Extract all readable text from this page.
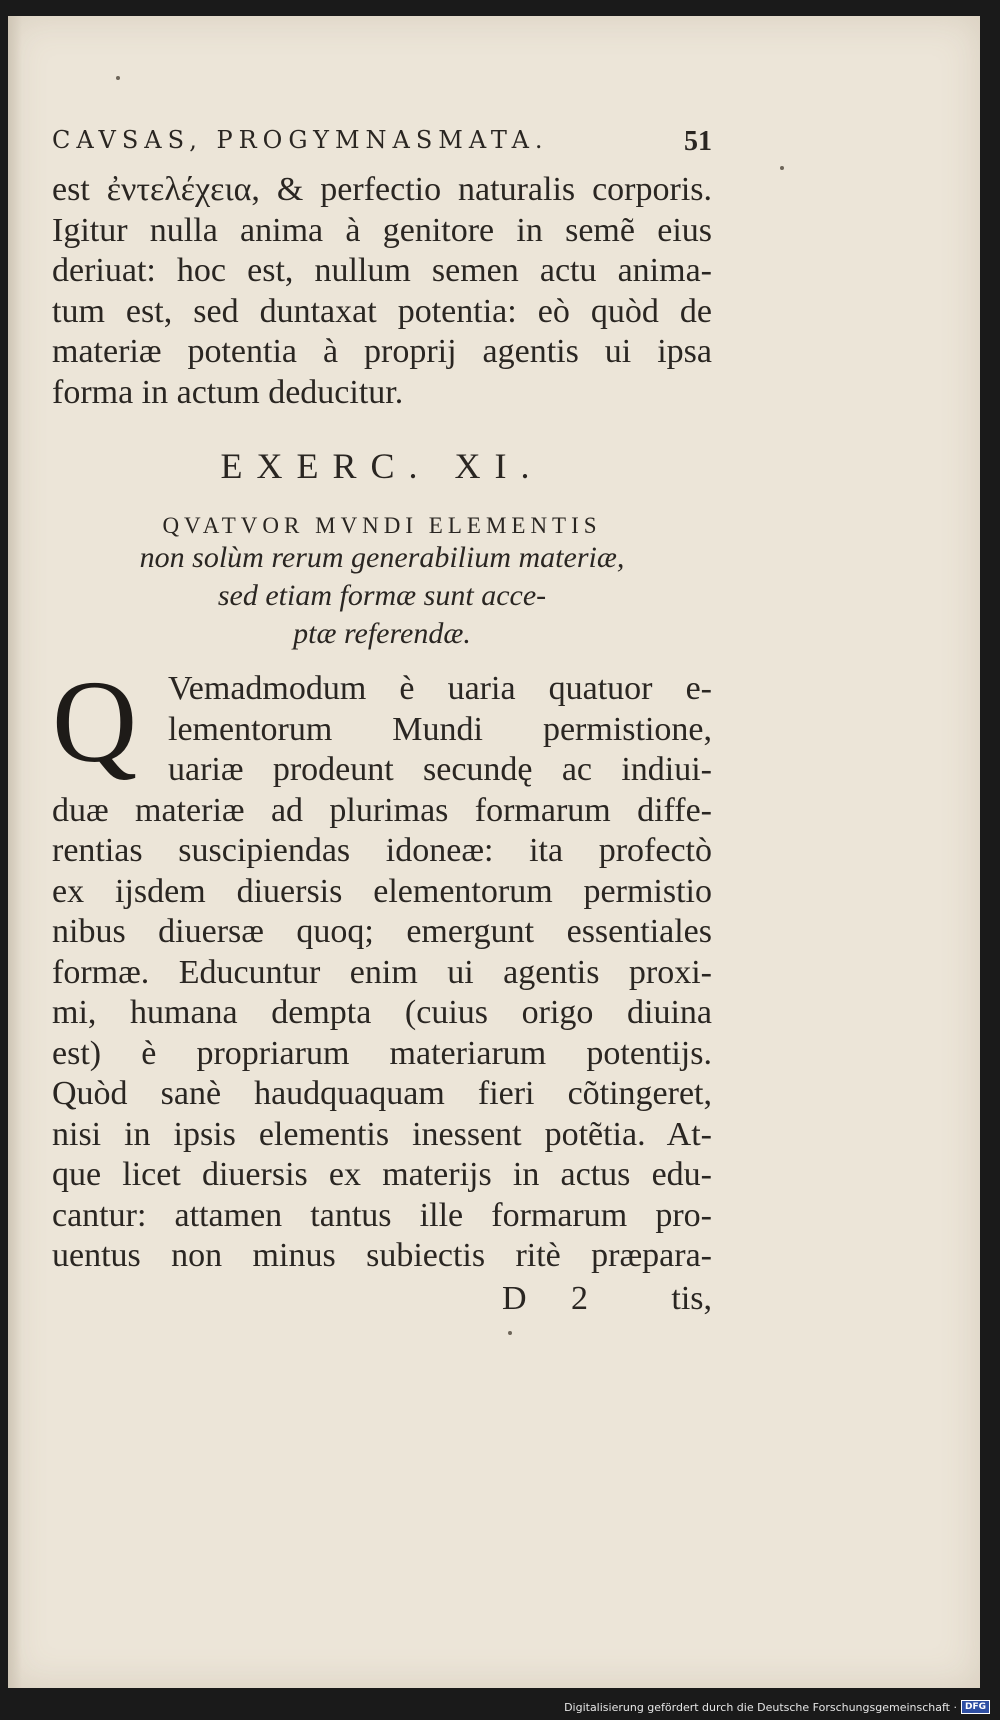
CAVSAS, PROGYMNASMATA.	51
est ἐντελέχεια, & perfectio naturalis corporis.
Igitur nulla anima à genitore in semẽ eius
deriuat: hoc est, nullum semen actu anima-
tum est, sed duntaxat potentia: eò quòd de
materiæ potentia à proprij agentis ui ipsa
forma in actum deducitur.
EXERC. XI.
QVATVOR MVNDI ELEMENTIS
non solùm rerum generabilium materiæ,
sed etiam formæ sunt acce-
ptæ referendæ.
Q Vemadmodum è uaria quatuor e-
lementorum Mundi permistione,
uariæ prodeunt secundę ac indiui-
duæ materiæ ad plurimas formarum diffe-
rentias suscipiendas idoneæ: ita profectò
ex ijsdem diuersis elementorum permistio
nibus diuersæ quoq; emergunt essentiales
formæ. Educuntur enim ui agentis proxi-
mi, humana dempta (cuius origo diuina
est) è propriarum materiarum potentijs.
Quòd sanè haudquaquam fieri cõtingeret,
nisi in ipsis elementis inessent potẽtia. At-
que licet diuersis ex materijs in actus edu-
cantur: attamen tantus ille formarum pro-
uentus non minus subiectis ritè præpara-
D 2 tis,
Digitalisierung gefördert durch die Deutsche Forschungsgemeinschaft · DFG
